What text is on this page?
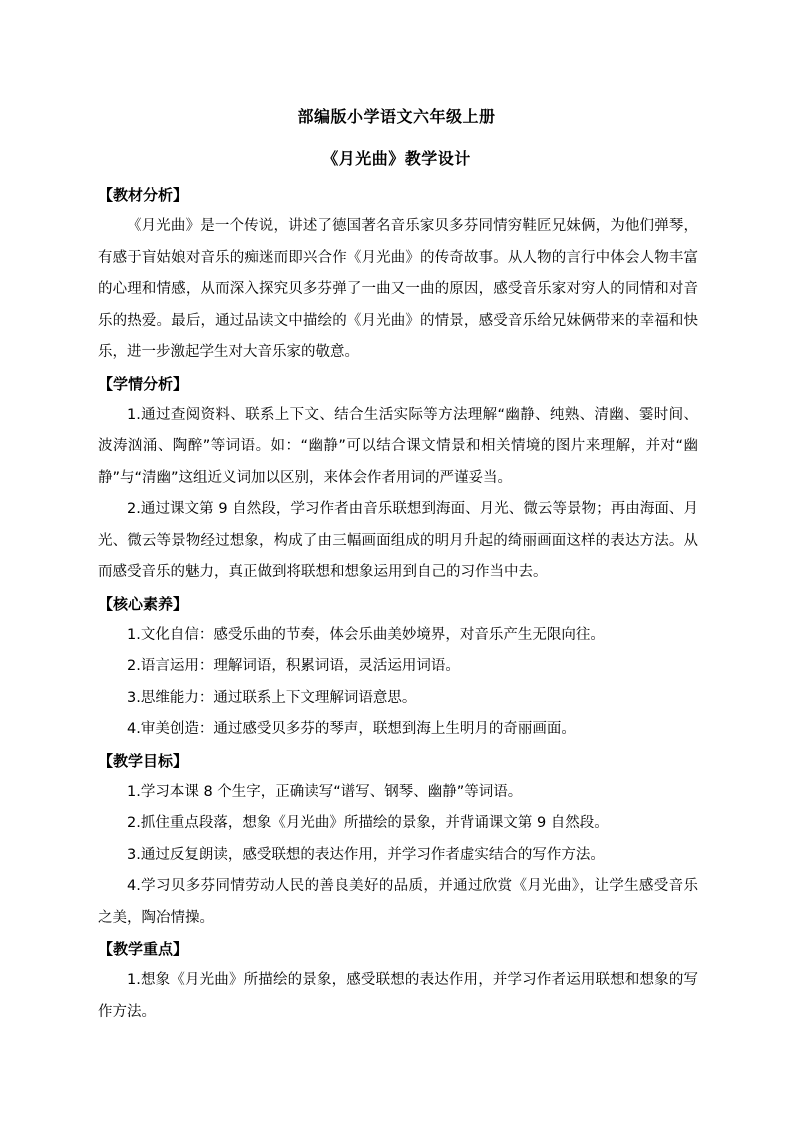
部编版小学语文六年级上册
《月光曲》教学设计
【教材分析】

《月光曲》是一个传说，讲述了德国著名音乐家贝多芬同情穷鞋匠兄妹俩，为他们弹琴，有感于盲姑娘对音乐的痴迷而即兴合作《月光曲》的传奇故事。从人物的言行中体会人物丰富的心理和情感，从而深入探究贝多芬弹了一曲又一曲的原因，感受音乐家对穷人的同情和对音乐的热爱。最后，通过品读文中描绘的《月光曲》的情景，感受音乐给兄妹俩带来的幸福和快乐，进一步激起学生对大音乐家的敬意。

【学情分析】

1.通过查阅资料、联系上下文、结合生活实际等方法理解“幽静、纯熟、清幽、霎时间、波涛汹涌、陶醉”等词语。如：“幽静”可以结合课文情景和相关情境的图片来理解，并对“幽静”与“清幽”这组近义词加以区别，来体会作者用词的严谨妥当。

2.通过课文第 9 自然段，学习作者由音乐联想到海面、月光、微云等景物；再由海面、月光、微云等景物经过想象，构成了由三幅画面组成的明月升起的绮丽画面这样的表达方法。从而感受音乐的魅力，真正做到将联想和想象运用到自己的习作当中去。

【核心素养】

1.文化自信：感受乐曲的节奏，体会乐曲美妙境界，对音乐产生无限向往。

2.语言运用：理解词语，积累词语，灵活运用词语。

3.思维能力：通过联系上下文理解词语意思。

4.审美创造：通过感受贝多芬的琴声，联想到海上生明月的奇丽画面。

【教学目标】

1.学习本课 8 个生字，正确读写“谱写、钢琴、幽静”等词语。

2.抓住重点段落，想象《月光曲》所描绘的景象，并背诵课文第 9 自然段。

3.通过反复朗读，感受联想的表达作用，并学习作者虚实结合的写作方法。

4.学习贝多芬同情劳动人民的善良美好的品质，并通过欣赏《月光曲》，让学生感受音乐之美，陶冶情操。

【教学重点】

1.想象《月光曲》所描绘的景象，感受联想的表达作用，并学习作者运用联想和想象的写作方法。
